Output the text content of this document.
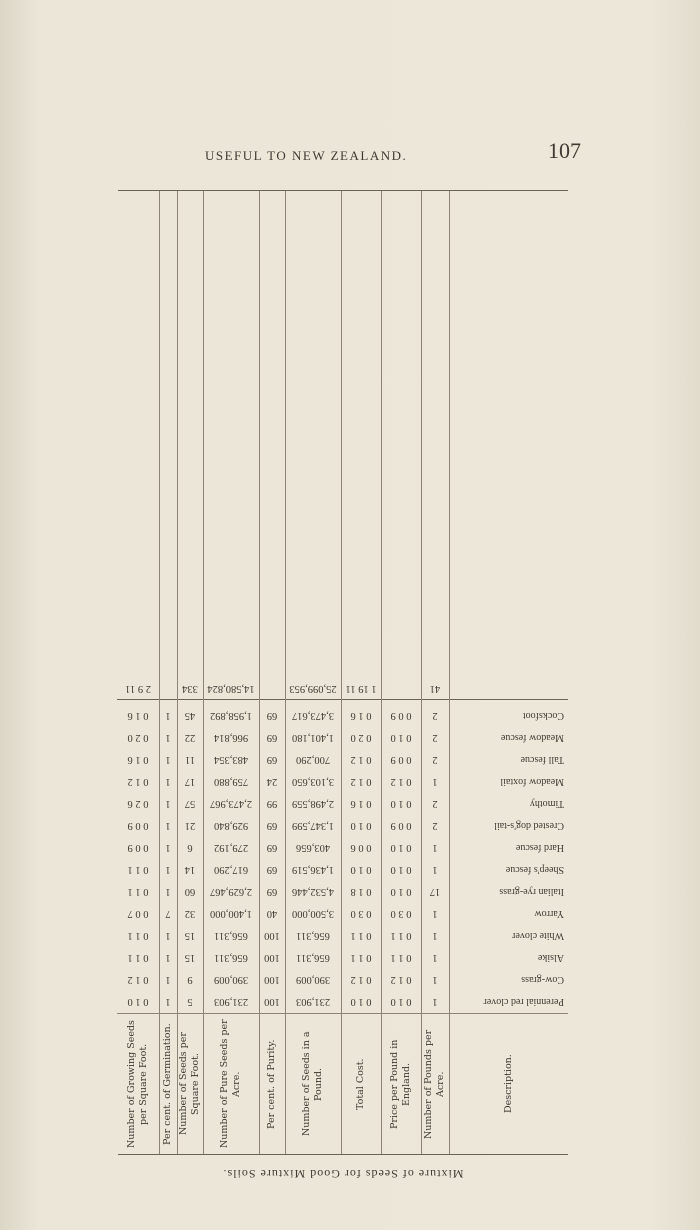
USEFUL TO NEW ZEALAND.	107
Mixture of Seeds for Good Mixture Soils.
Description.
Perennial red clover
Cow-grass
Alsike
White clover
Yarrow
Italian rye-grass
Sheep's fescue
Hard fescue
Crested dog's-tail
Timothy
Meadow foxtail
Tall fescue
Meadow fescue
Cocksfoot
Number of Pounds per Acre.
1
1
1
1
1
17
1
1
2
2
1
2
2
2
41
Price per Pound in England.
0 1 0
0 1 2
0 1 1
0 1 1
0 3 0
0 1 0
0 1 0
0 1 0
0 0 9
0 1 0
0 1 2
0 0 9
0 1 0
0 0 9
Total Cost.
0 1 0
0 1 2
0 1 1
0 1 1
0 3 0
0 1 8
0 1 0
0 0 6
0 1 0
0 1 6
0 1 2
0 1 2
0 2 0
0 1 6
1 19 11
Number of Seeds in a Pound.
231,903
390,009
656,311
656,311
3,500,000
4,532,446
1,436,519
403,656
1,347,599
2,498,559
3,103,650
700,290
1,401,180
3,473,617
25,099,953
Per cent. of Purity.
100
100
100
100
40
69
69
69
69
99
24
69
69
69
Number of Pure Seeds per Acre.
231,903
390,009
656,311
656,311
1,400,000
2,629,467
617,290
279,192
929,840
2,473,967
759,880
483,354
966,814
1,958,892
14,580,824
Number of Seeds per Square Foot.
5
9
15
15
32
60
14
6
21
57
17
11
22
45
334
Per cent. of Germination.
1
1
1
1
7
1
1
1
1
1
1
1
1
1
Number of Growing Seeds per Square Foot.
0 1 0
0 1 2
0 1 1
0 1 1
0 0 7
0 1 1
0 1 1
0 0 9
0 0 9
0 2 6
0 1 2
0 1 6
0 2 0
0 1 6
2 9 11
